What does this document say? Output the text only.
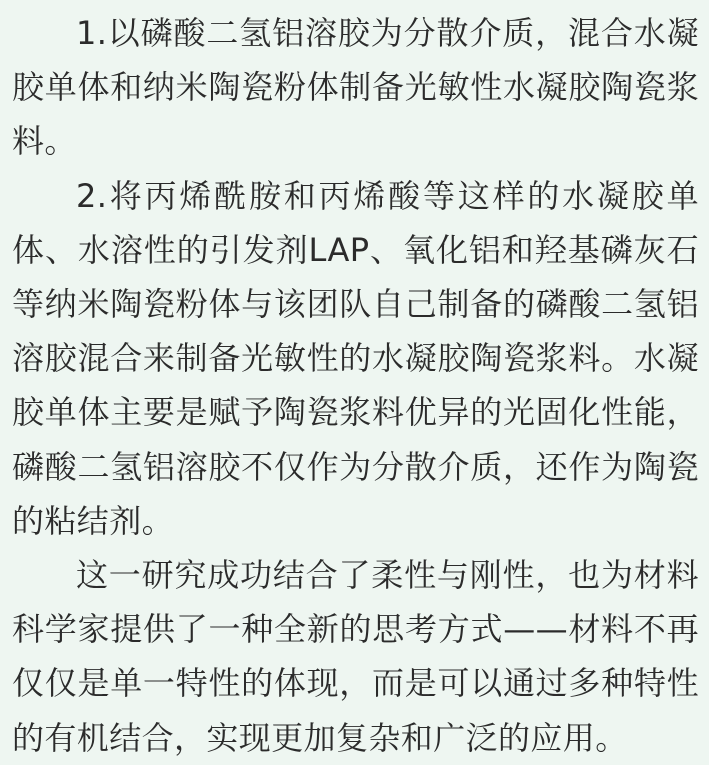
1.以磷酸二氢铝溶胶为分散介质，混合水凝胶单体和纳米陶瓷粉体制备光敏性水凝胶陶瓷浆料。

2.将丙烯酰胺和丙烯酸等这样的水凝胶单体、水溶性的引发剂LAP、氧化铝和羟基磷灰石等纳米陶瓷粉体与该团队自己制备的磷酸二氢铝溶胶混合来制备光敏性的水凝胶陶瓷浆料。水凝胶单体主要是赋予陶瓷浆料优异的光固化性能，磷酸二氢铝溶胶不仅作为分散介质，还作为陶瓷的粘结剂。

这一研究成功结合了柔性与刚性，也为材料科学家提供了一种全新的思考方式——材料不再仅仅是单一特性的体现，而是可以通过多种特性的有机结合，实现更加复杂和广泛的应用。
